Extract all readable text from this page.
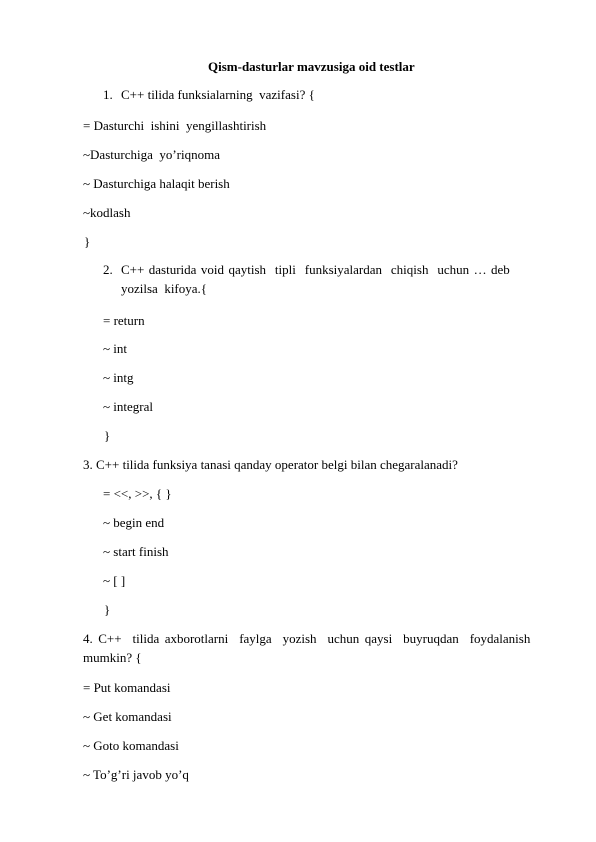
Qism-dasturlar mavzusiga oid testlar
1. C++ tilida funksialarning  vazifasi? {
= Dasturchi  ishini  yengillashtirish
~Dasturchiga  yo’riqnoma
~ Dasturchiga halaqit berish
~kodlash
}
2. C++ dasturida void qaytish  tipli  funksiyalardan  chiqish  uchun … deb
yozilsa  kifoya.{
= return
~ int
~ intg
~ integral
}
3. C++ tilida funksiya tanasi qanday operator belgi bilan chegaralanadi?
= <<, >>, { }
~ begin end
~ start finish
~ [ ]
}
4. C++  tilida axborotlarni  faylga  yozish  uchun qaysi  buyruqdan  foydalanish
mumkin? {
= Put komandasi
~ Get komandasi
~ Goto komandasi
~ To’g’ri javob yo’q
